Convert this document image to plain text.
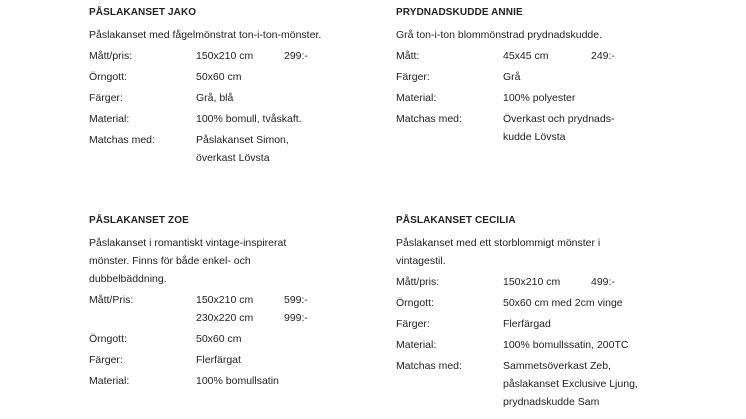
PÅSLAKANSET JAKO
Påslakanset med fågelmönstrat ton-i-ton-mönster.
Mått/pris:	150x210 cm	299:-
Örngott:	50x60 cm
Färger:	Grå, blå
Material:	100% bomull, tvåskaft.
Matchas med:	Påslakanset Simon,
överkast Lövsta
PRYDNADSKUDDE ANNIE
Grå ton-i-ton blommönstrad prydnadskudde.
Mått:	45x45 cm	249:-
Färger:	Grå
Material:	100% polyester
Matchas med:	Överkast och prydnads-
kudde Lövsta
PÅSLAKANSET ZOE
Påslakanset i romantiskt vintage-inspirerat
mönster. Finns för både enkel- och
dubbelbäddning.
Mått/Pris:	150x210 cm	599:-
230x220 cm	999:-
Örngott:	50x60 cm
Färger:	Flerfärgat
Material:	100% bomullsatin
PÅSLAKANSET CECILIA
Påslakanset med ett storblommigt mönster i
vintagestil.
Mått/pris:	150x210 cm	499:-
Örngott:	50x60 cm med 2cm vinge
Färger:	Flerfärgad
Material:	100% bomullssatin, 200TC
Matchas med:	Sammetsöverkast Zeb,
påslakanset Exclusive Ljung,
prydnadskudde Sam
